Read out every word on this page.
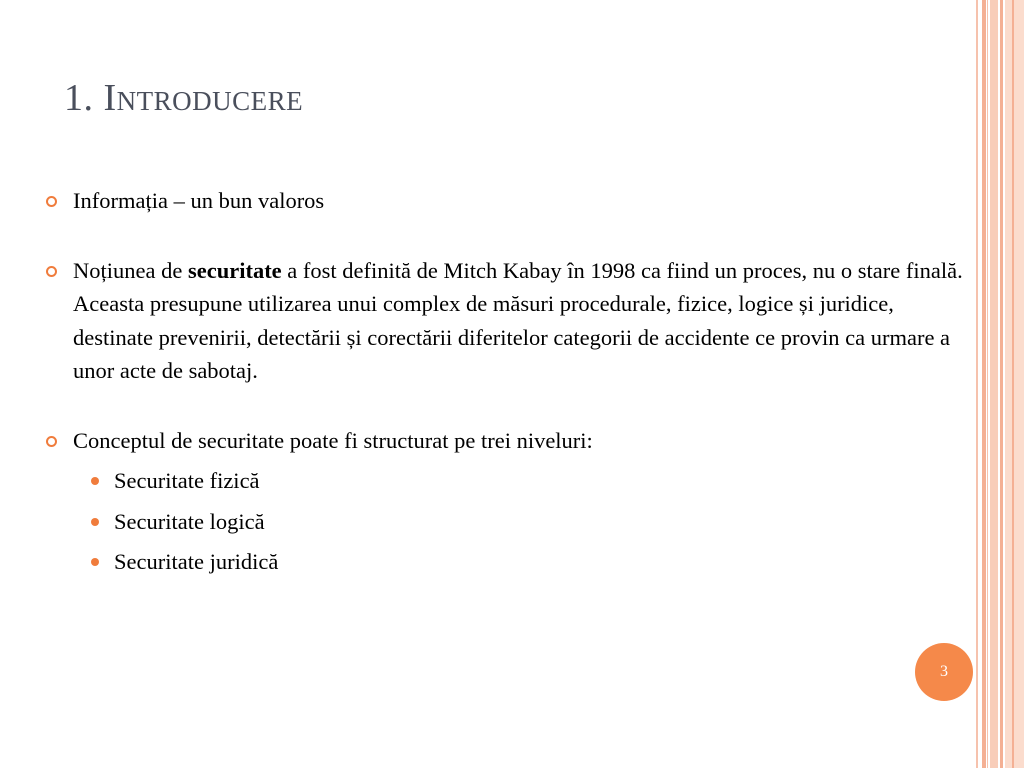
1. Introducere
Informația – un bun valoros
Noțiunea de securitate a fost definită de Mitch Kabay în 1998 ca fiind un proces, nu o stare finală. Aceasta presupune utilizarea unui complex de măsuri procedurale, fizice, logice și juridice, destinate prevenirii, detectării și corectării diferitelor categorii de accidente ce provin ca urmare a unor acte de sabotaj.
Conceptul de securitate poate fi structurat pe trei niveluri:
Securitate fizică
Securitate logică
Securitate juridică
3
